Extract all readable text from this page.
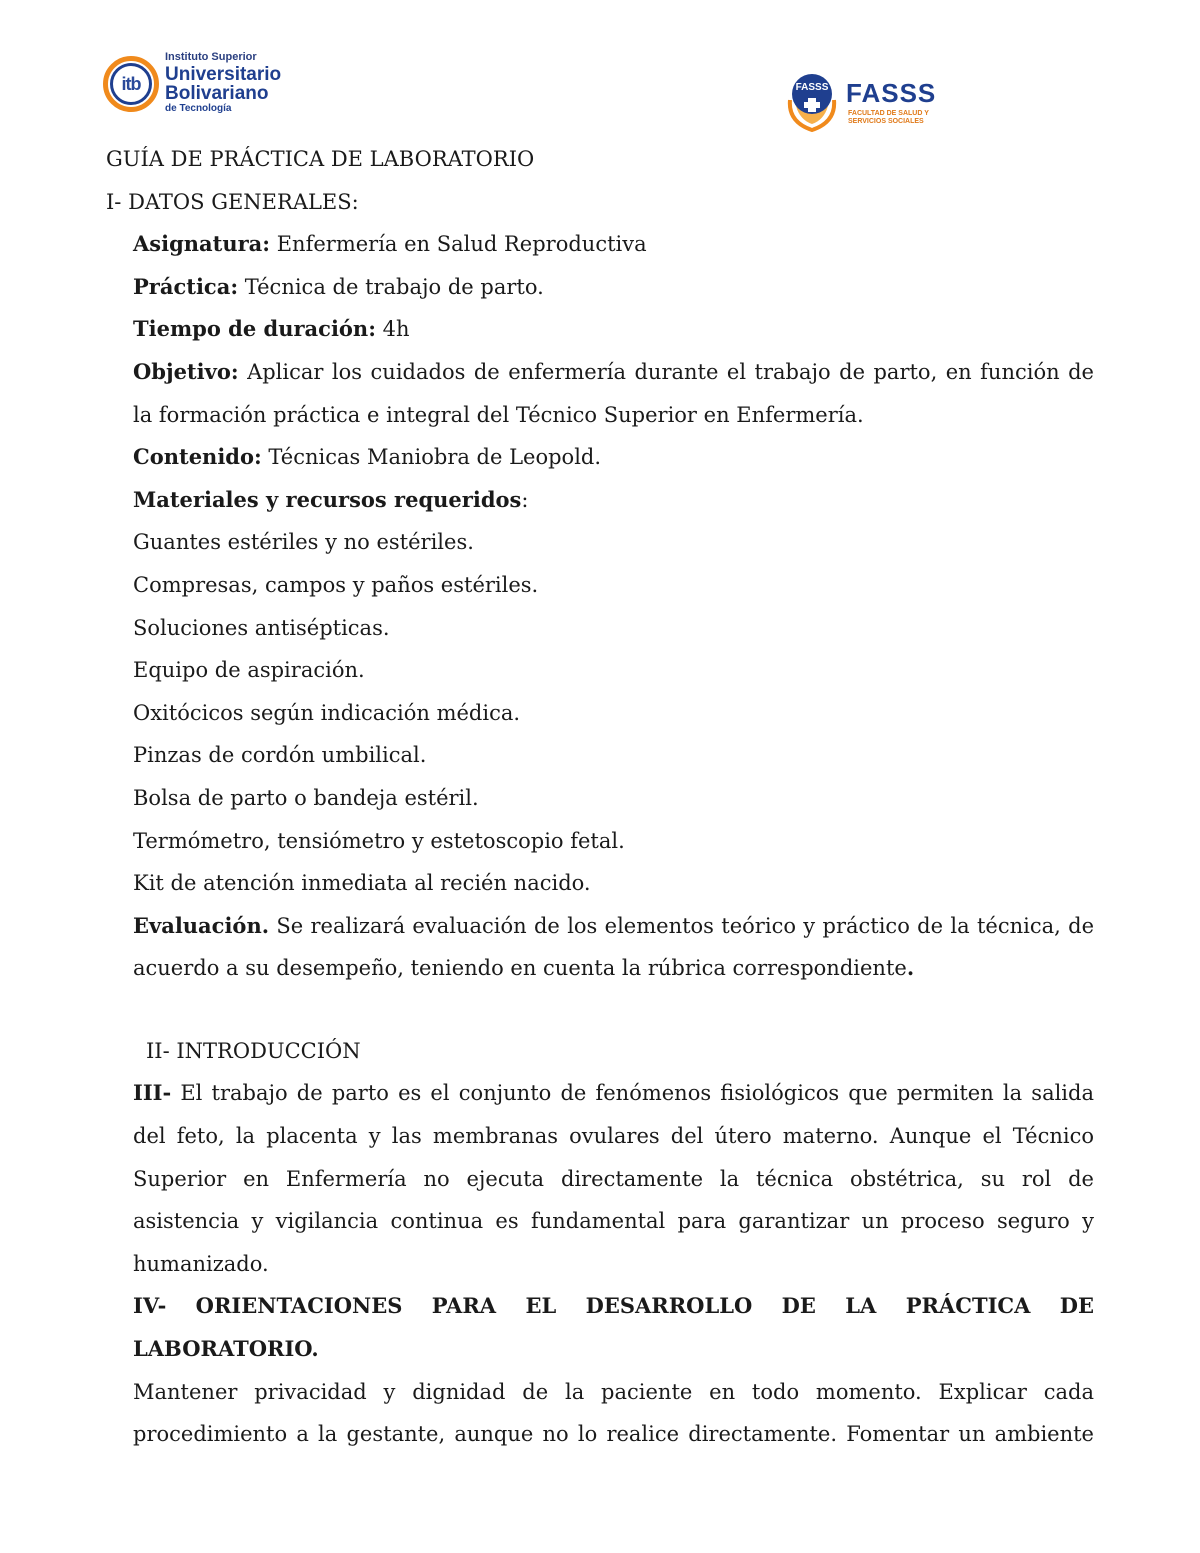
itb
Instituto Superior
Universitario
Bolivariano
de Tecnología
FASSS FASSS
FACULTAD DE SALUD Y
SERVICIOS SOCIALES
GUÍA DE PRÁCTICA DE LABORATORIO
I- DATOS GENERALES:
Asignatura: Enfermería en Salud Reproductiva
Práctica: Técnica de trabajo de parto.
Tiempo de duración: 4h

Objetivo: Aplicar los cuidados de enfermería durante el trabajo de parto, en función de la formación práctica e integral del Técnico Superior en Enfermería.

Contenido: Técnicas Maniobra de Leopold.
Materiales y recursos requeridos:
Guantes estériles y no estériles.
Compresas, campos y paños estériles.
Soluciones antisépticas.
Equipo de aspiración.
Oxitócicos según indicación médica.
Pinzas de cordón umbilical.
Bolsa de parto o bandeja estéril.
Termómetro, tensiómetro y estetoscopio fetal.
Kit de atención inmediata al recién nacido.

Evaluación. Se realizará evaluación de los elementos teórico y práctico de la técnica, de acuerdo a su desempeño, teniendo en cuenta la rúbrica correspondiente.

II- INTRODUCCIÓN

III- El trabajo de parto es el conjunto de fenómenos fisiológicos que permiten la salida del feto, la placenta y las membranas ovulares del útero materno. Aunque el Técnico Superior en Enfermería no ejecuta directamente la técnica obstétrica, su rol de asistencia y vigilancia continua es fundamental para garantizar un proceso seguro y humanizado.

IV- ORIENTACIONES PARA EL DESARROLLO DE LA PRÁCTICA DE LABORATORIO.

Mantener privacidad y dignidad de la paciente en todo momento. Explicar cada procedimiento a la gestante, aunque no lo realice directamente. Fomentar un ambiente
